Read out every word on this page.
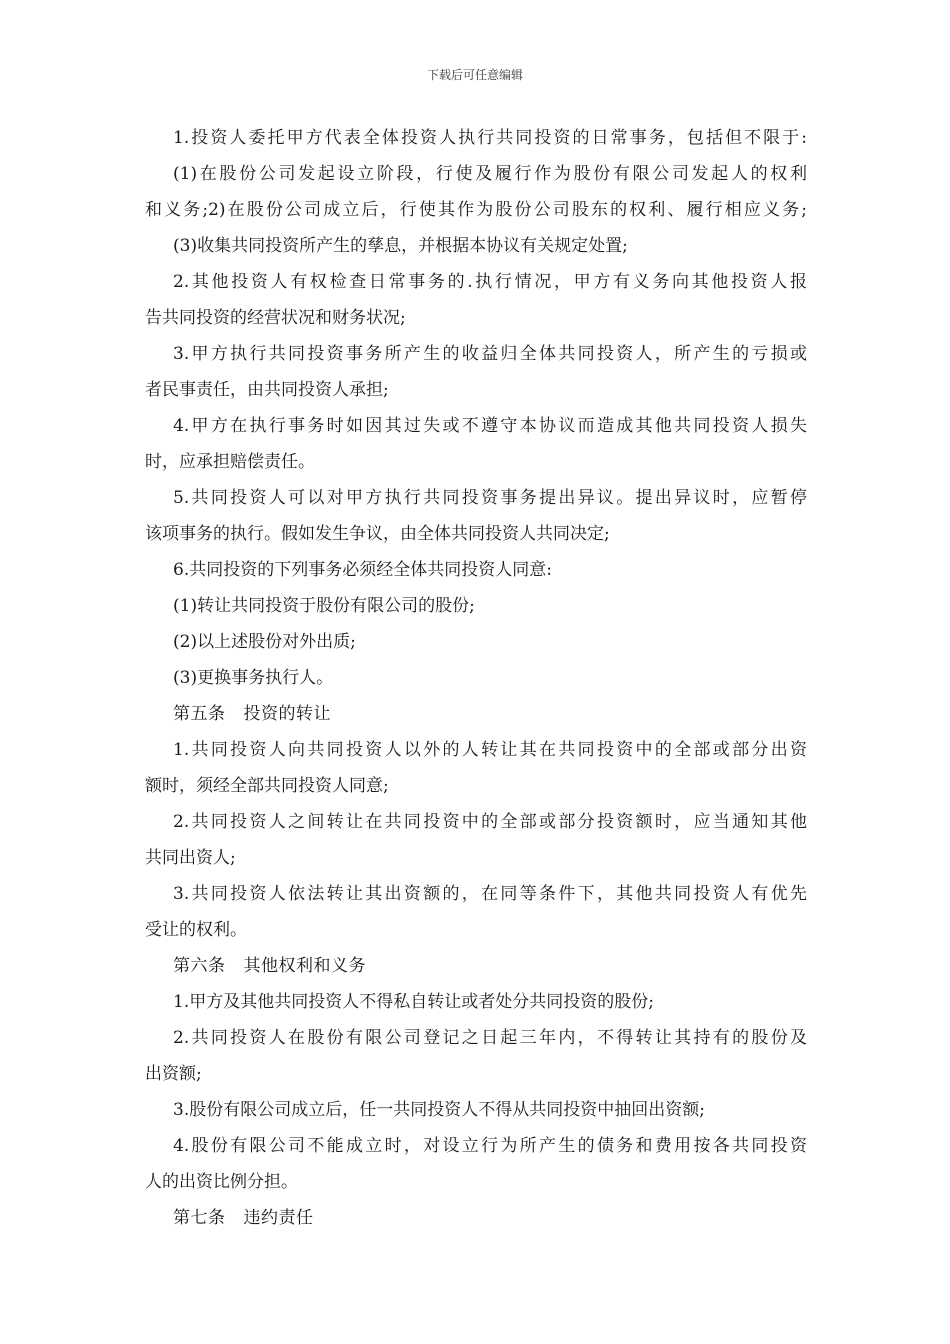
下载后可任意编辑
1.投资人委托甲方代表全体投资人执行共同投资的日常事务，包括但不限于:
(1)在股份公司发起设立阶段，行使及履行作为股份有限公司发起人的权利
和义务;2)在股份公司成立后，行使其作为股份公司股东的权利、履行相应义务;
(3)收集共同投资所产生的孳息，并根据本协议有关规定处置;
2.其他投资人有权检查日常事务的.执行情况，甲方有义务向其他投资人报
告共同投资的经营状况和财务状况;
3.甲方执行共同投资事务所产生的收益归全体共同投资人，所产生的亏损或
者民事责任，由共同投资人承担;
4.甲方在执行事务时如因其过失或不遵守本协议而造成其他共同投资人损失
时，应承担赔偿责任。
5.共同投资人可以对甲方执行共同投资事务提出异议。提出异议时，应暂停
该项事务的执行。假如发生争议，由全体共同投资人共同决定;
6.共同投资的下列事务必须经全体共同投资人同意:
(1)转让共同投资于股份有限公司的股份;
(2)以上述股份对外出质;
(3)更换事务执行人。
第五条 投资的转让
1.共同投资人向共同投资人以外的人转让其在共同投资中的全部或部分出资
额时，须经全部共同投资人同意;
2.共同投资人之间转让在共同投资中的全部或部分投资额时，应当通知其他
共同出资人;
3.共同投资人依法转让其出资额的，在同等条件下，其他共同投资人有优先
受让的权利。
第六条 其他权利和义务
1.甲方及其他共同投资人不得私自转让或者处分共同投资的股份;
2.共同投资人在股份有限公司登记之日起三年内，不得转让其持有的股份及
出资额;
3.股份有限公司成立后，任一共同投资人不得从共同投资中抽回出资额;
4.股份有限公司不能成立时，对设立行为所产生的债务和费用按各共同投资
人的出资比例分担。
第七条 违约责任
